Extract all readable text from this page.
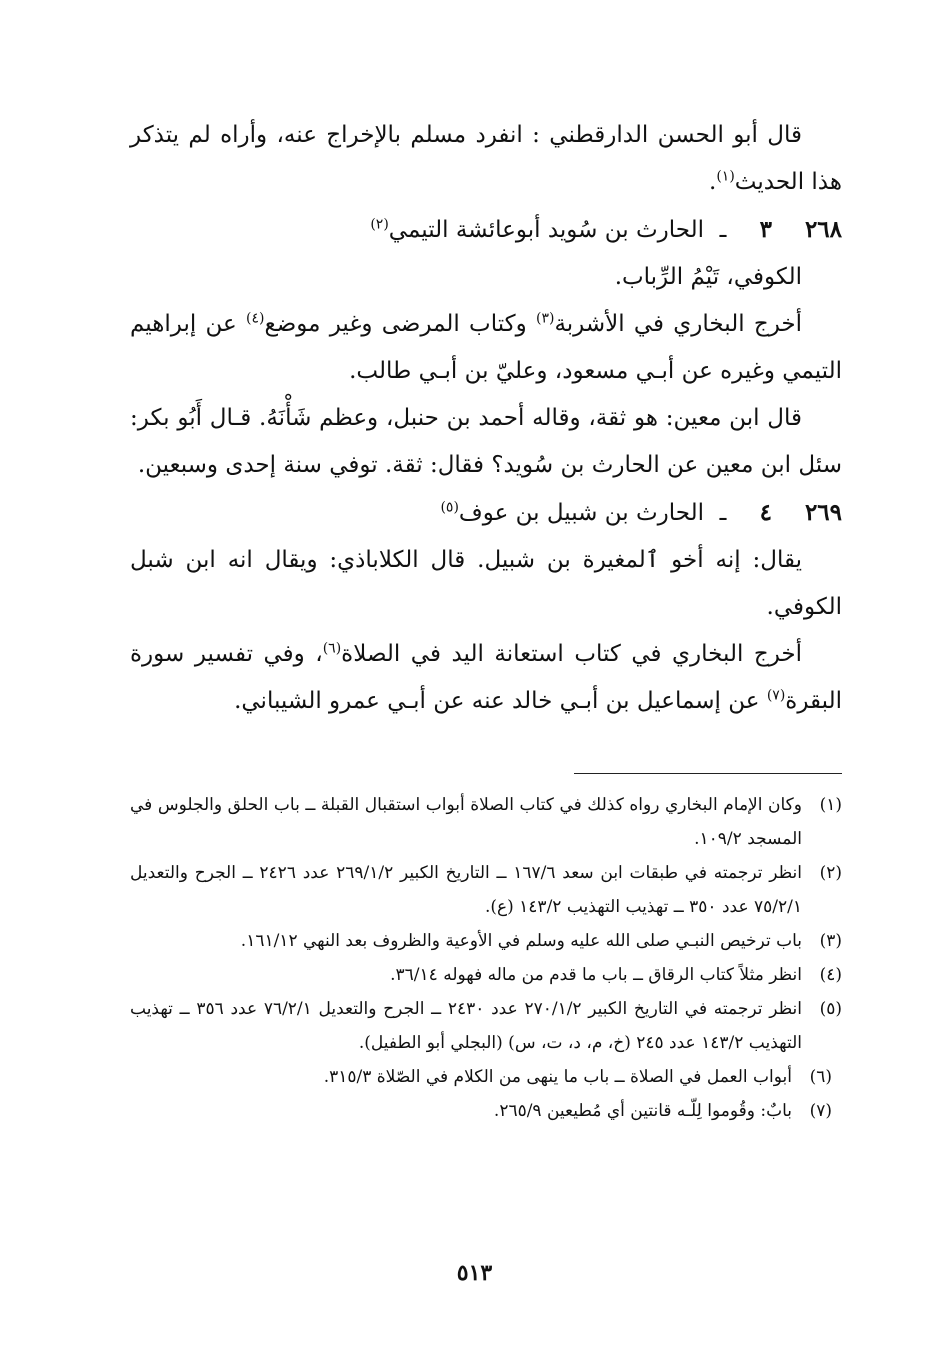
قال أبو الحسن الدارقطني : انفرد مسلم بالإخراج عنه، وأراه لم يتذكر هذا الحديث$^{(١)}$.

٢٦٨
٣
ـ
الحارث بن سُويد أبوعائشة التيمي$^{(٢)}$

الكوفي، تَيْمُ الرِّباب.

أخرج البخاري في الأشربة$^{(٣)}$ وكتاب المرضى وغير موضع$^{(٤)}$ عن إبراهيم التيمي وغيره عن أبـي مسعود، وعليّ بن أبـي طالب.

قال ابن معين: هو ثقة، وقاله أحمد بن حنبل، وعظم شَأْنَهُ. قـال أَبُو بكر: سئل ابن معين عن الحارث بن سُويد؟ فقال: ثقة. توفي سنة إحدى وسبعين.

٢٦٩
٤
ـ
الحارث بن شبيل بن عوف$^{(٥)}$

يقال: إنه أخو ٱلمغيرة بن شبيل. قال الكلاباذي: ويقال انه ابن شبل الكوفي.

أخرج البخاري في كتاب استعانة اليد في الصلاة$^{(٦)}$، وفي تفسير سورة البقرة$^{(٧)}$ عن إسماعيل بن أبـي خالد عنه عن أبـي عمرو الشيباني.

(١)
وكان الإمام البخاري رواه كذلك في كتاب الصلاة أبواب استقبال القبلة ــ باب الحلق والجلوس في المسجد ١٠٩/٢.
(٢)
انظر ترجمته في طبقات ابن سعد ١٦٧/٦ ــ التاريخ الكبير ٢٦٩/١/٢ عدد ٢٤٢٦ ــ الجرح والتعديل ٧٥/٢/١ عدد ٣٥٠ ــ تهذيب التهذيب ١٤٣/٢ (ع).
(٣)
باب ترخيص النبـي صلى الله عليه وسلم في الأوعية والظروف بعد النهي ١٦١/١٢.
(٤)
انظر مثلاً كتاب الرقاق ــ باب ما قدم من ماله فهوله ٣٦/١٤.
(٥)
انظر ترجمته في التاريخ الكبير ٢٧٠/١/٢ عدد ٢٤٣٠ ــ الجرح والتعديل ٧٦/٢/١ عدد ٣٥٦ ــ تهذيب التهذيب ١٤٣/٢ عدد ٢٤٥ (خ، م، د، ت، س) (البجلي أبو الطفيل).
(٦)
أبواب العمل في الصلاة ــ باب ما ينهى من الكلام في الصّلاة ٣١٥/٣.
(٧)
بابٌ: وقُوموا لِلّـه قانتين أي مُطيعين ٢٦٥/٩.
٥١٣
